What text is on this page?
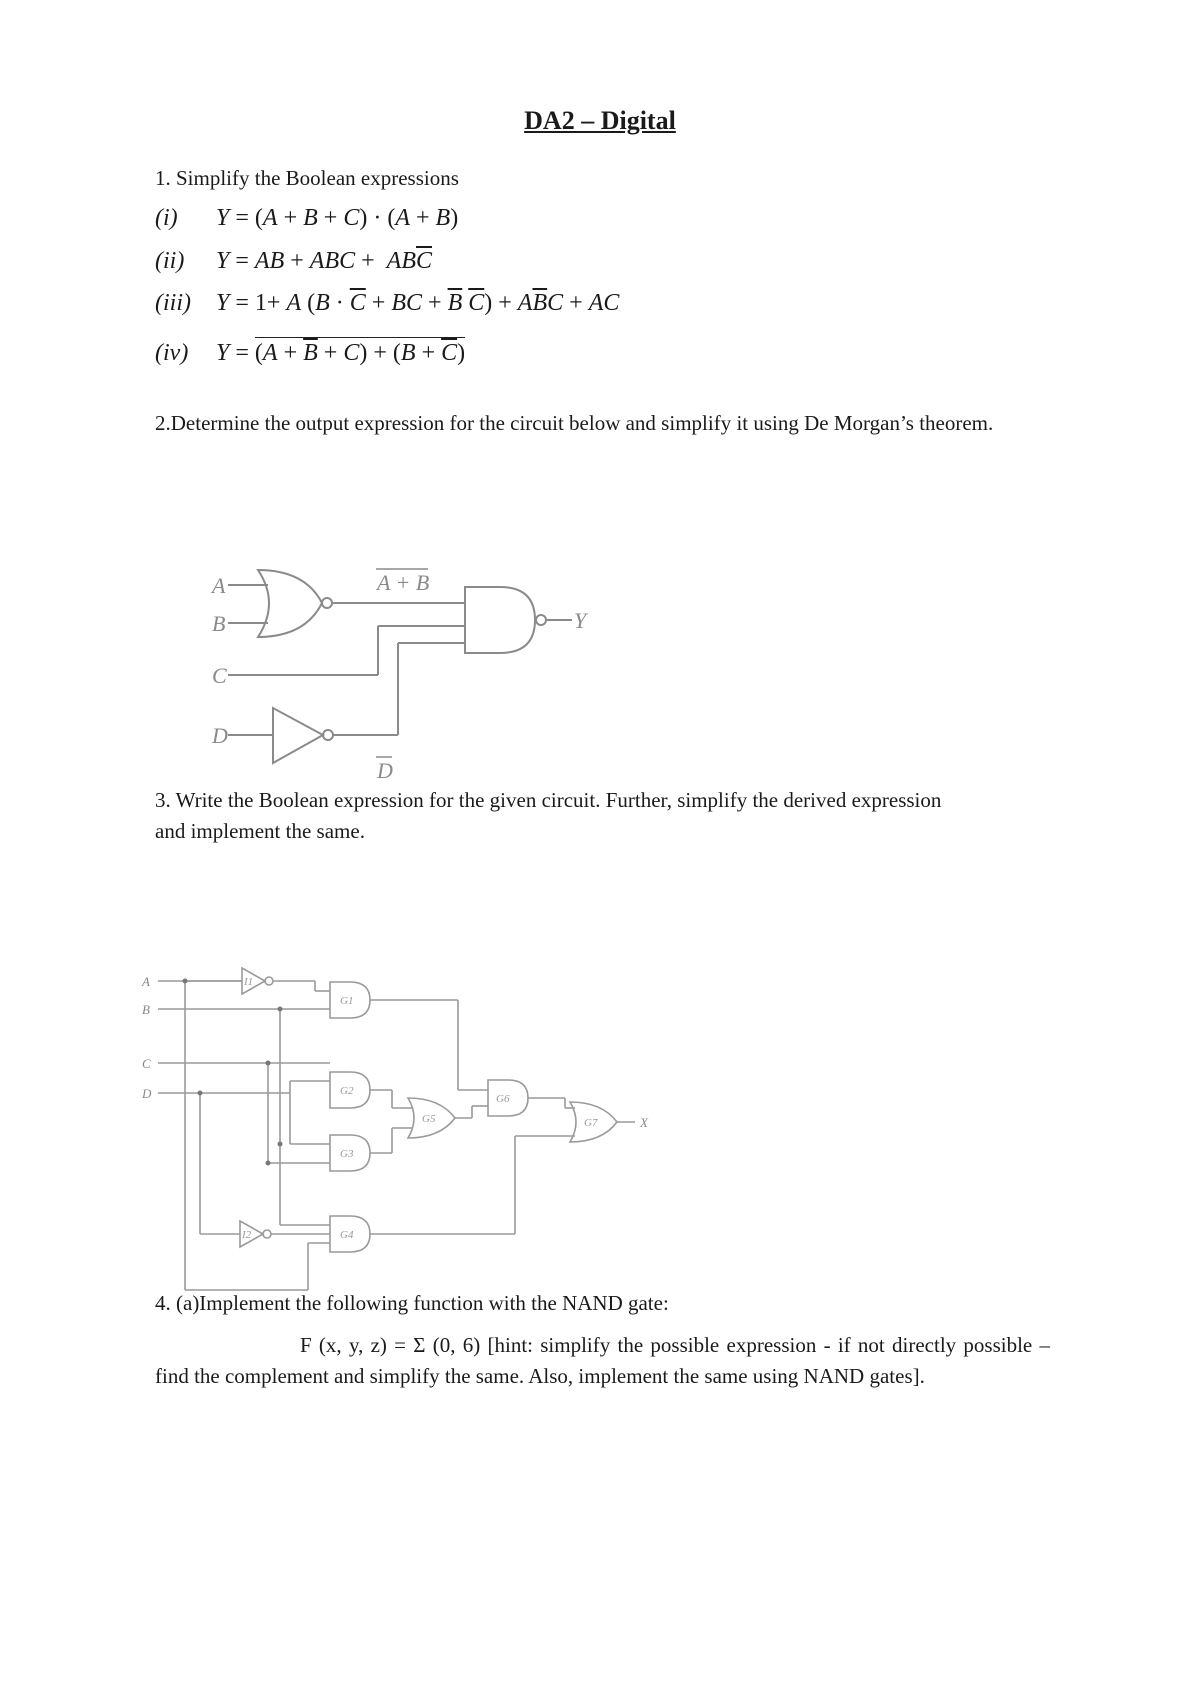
DA2 – Digital
1. Simplify the Boolean expressions
(i) Y = (A + B + C) · (A + B)
(ii) Y = AB + ABC +  $AB\overline{C}$
(iii) Y = 1+ A ($B \cdot \overline{C}$ + BC + $\overline{B}$ $\overline{C}) + A\overline{B}C$ + AC
(iv) $Y = (A + \overline{B} + C) + (B + \overline{C})$
2.Determine the output expression for the circuit below and simplify it using De Morgan’s theorem.
A
B
C
D
Y
A + B
D
3. Write the Boolean expression for the given circuit. Further, simplify the derived expression and implement the same.
A
B
C
D
X
I1
I2
G1
G2
G3
G4
G5
G6
G7
4. (a)Implement the following function with the NAND gate:
F (x, y, z) = Σ (0, 6) [hint: simplify the possible expression - if not directly possible – find the complement and simplify the same. Also, implement the same using NAND gates].
